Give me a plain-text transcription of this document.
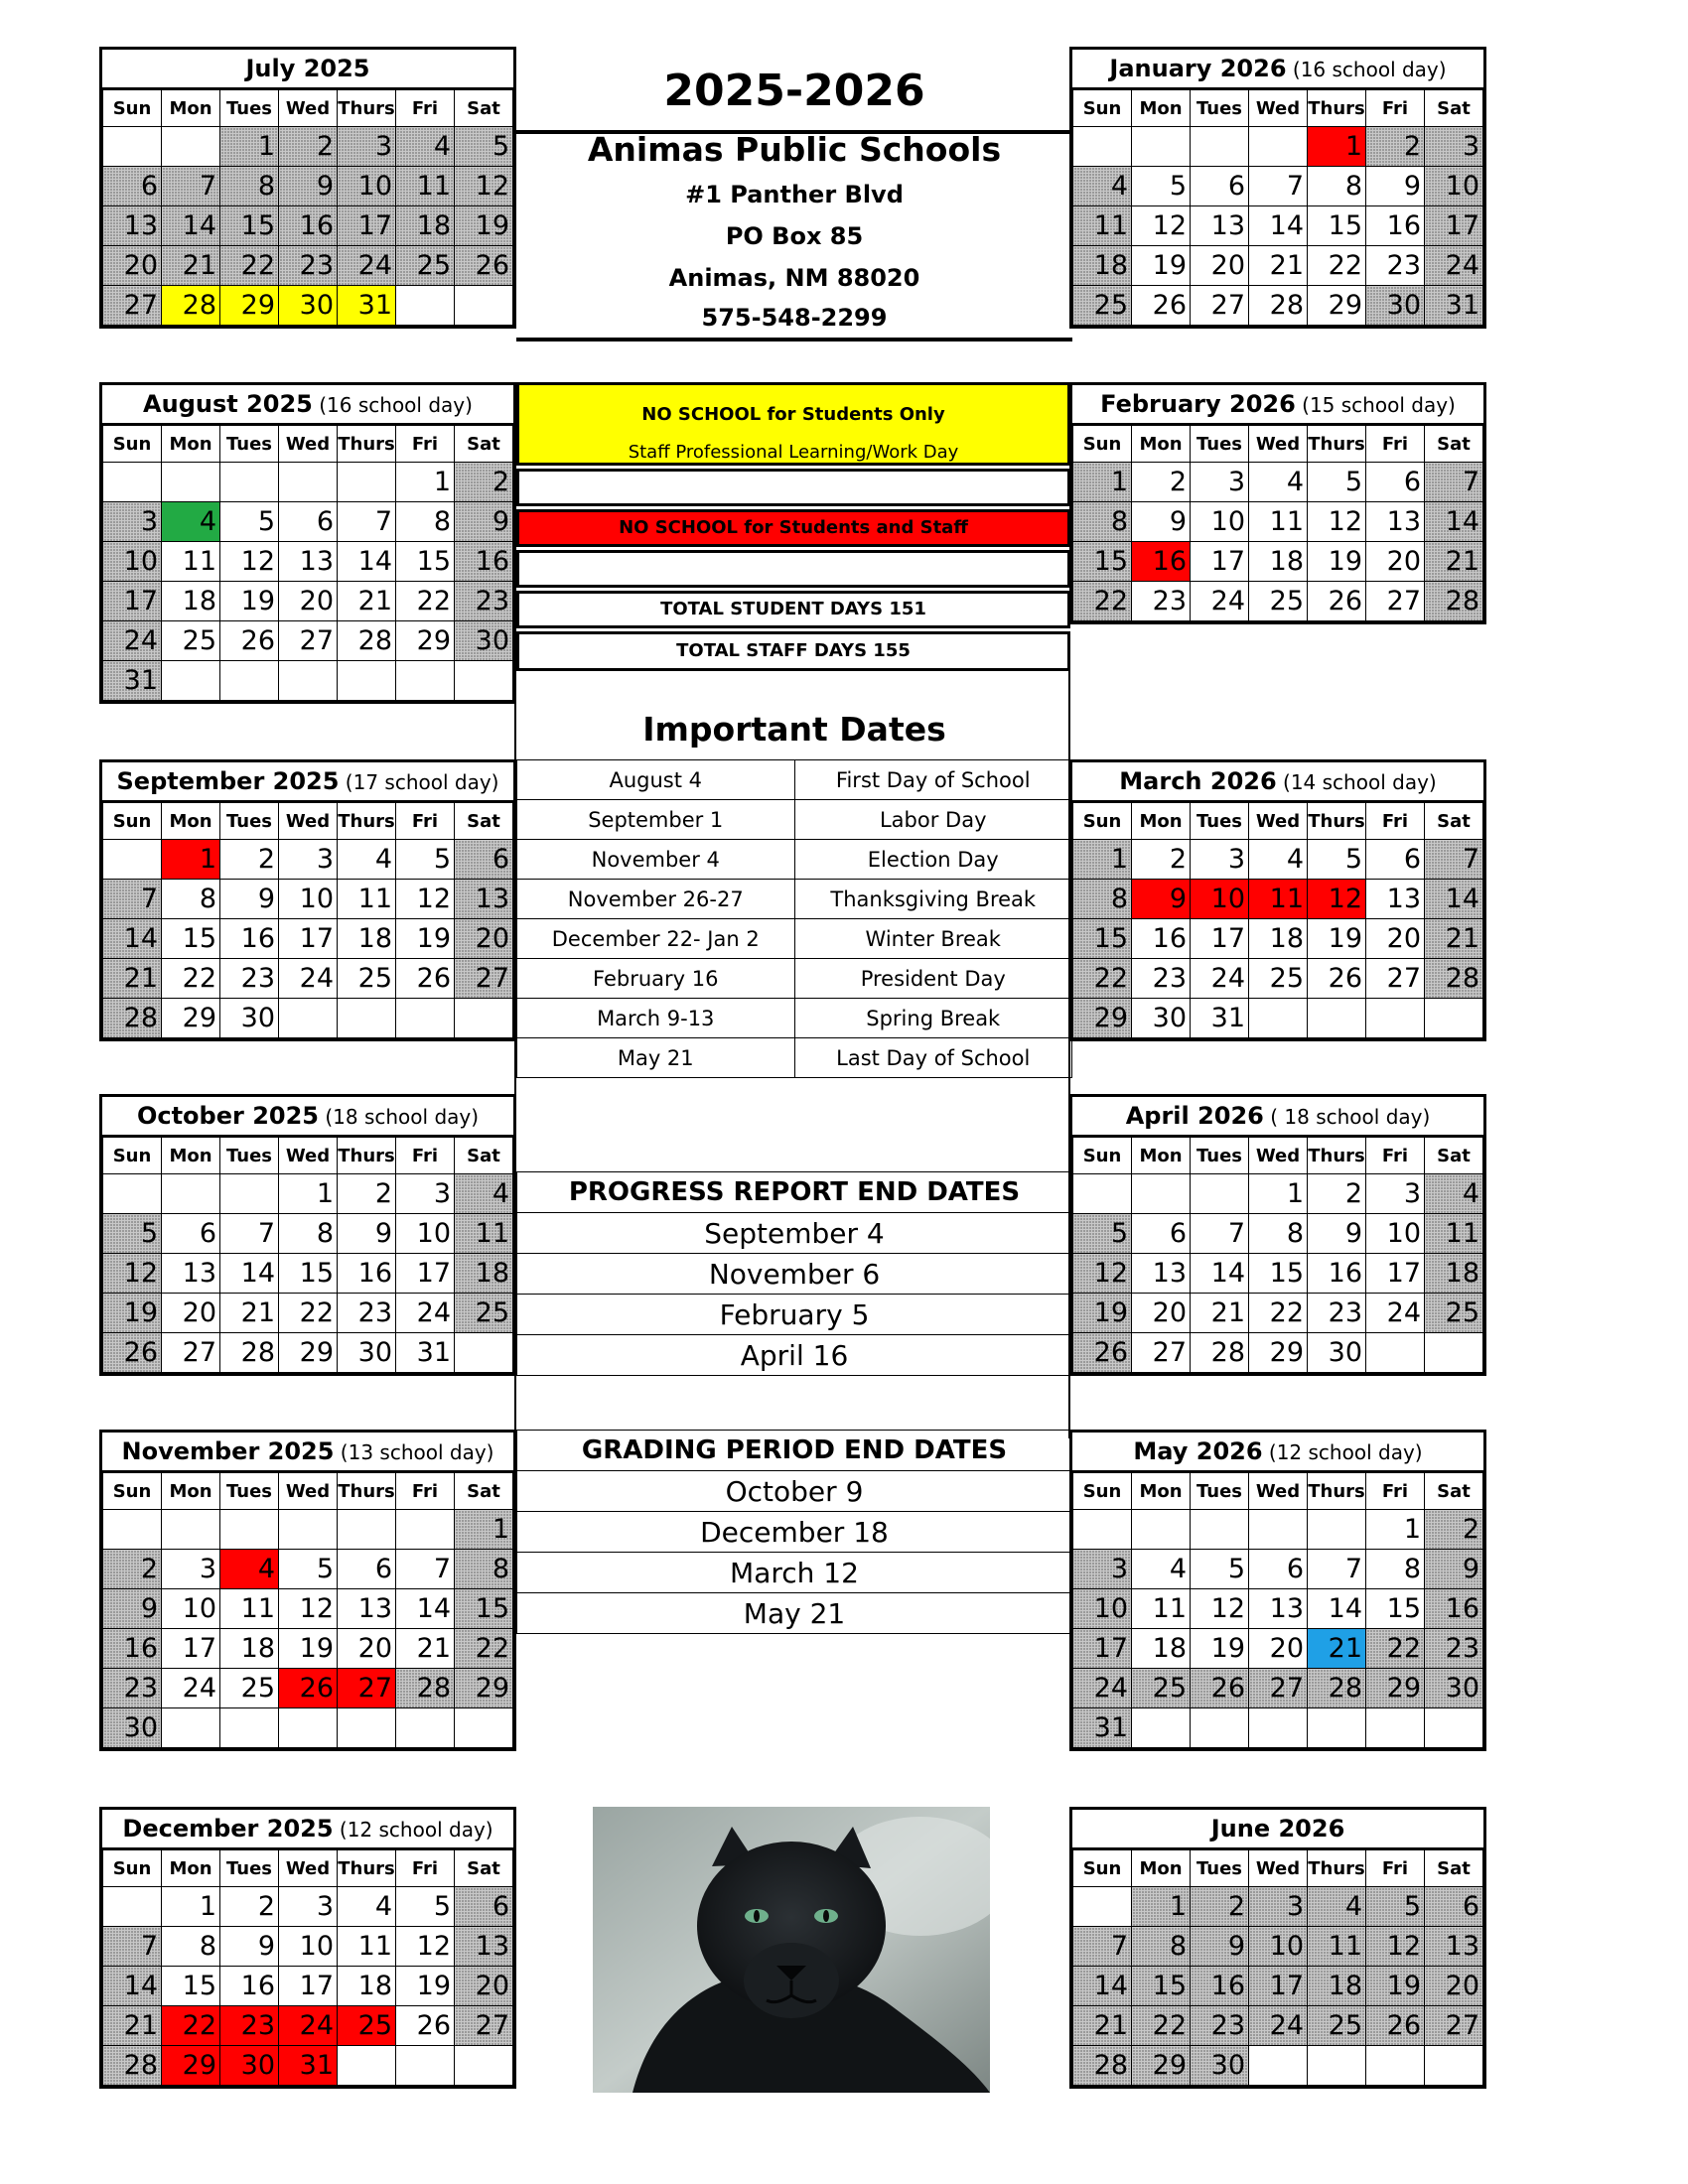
July 2025
Sun	Mon	Tues	Wed	Thurs	Fri	Sat
		1	2	3	4	5
6	7	8	9	10	11	12
13	14	15	16	17	18	19
20	21	22	23	24	25	26
27	28	29	30	31		
August 2025 (16 school day)
Sun	Mon	Tues	Wed	Thurs	Fri	Sat
					1	2
3	4	5	6	7	8	9
10	11	12	13	14	15	16
17	18	19	20	21	22	23
24	25	26	27	28	29	30
31						
September 2025 (17 school day)
Sun	Mon	Tues	Wed	Thurs	Fri	Sat
	1	2	3	4	5	6
7	8	9	10	11	12	13
14	15	16	17	18	19	20
21	22	23	24	25	26	27
28	29	30				
October 2025 (18 school day)
Sun	Mon	Tues	Wed	Thurs	Fri	Sat
			1	2	3	4
5	6	7	8	9	10	11
12	13	14	15	16	17	18
19	20	21	22	23	24	25
26	27	28	29	30	31	
November 2025 (13 school day)
Sun	Mon	Tues	Wed	Thurs	Fri	Sat
						1
2	3	4	5	6	7	8
9	10	11	12	13	14	15
16	17	18	19	20	21	22
23	24	25	26	27	28	29
30						
December 2025 (12 school day)
Sun	Mon	Tues	Wed	Thurs	Fri	Sat
	1	2	3	4	5	6
7	8	9	10	11	12	13
14	15	16	17	18	19	20
21	22	23	24	25	26	27
28	29	30	31			
January 2026 (16 school day)
Sun	Mon	Tues	Wed	Thurs	Fri	Sat
				1	2	3
4	5	6	7	8	9	10
11	12	13	14	15	16	17
18	19	20	21	22	23	24
25	26	27	28	29	30	31
February 2026 (15 school day)
Sun	Mon	Tues	Wed	Thurs	Fri	Sat
1	2	3	4	5	6	7
8	9	10	11	12	13	14
15	16	17	18	19	20	21
22	23	24	25	26	27	28
March 2026 (14 school day)
Sun	Mon	Tues	Wed	Thurs	Fri	Sat
1	2	3	4	5	6	7
8	9	10	11	12	13	14
15	16	17	18	19	20	21
22	23	24	25	26	27	28
29	30	31				
April 2026 ( 18 school day)
Sun	Mon	Tues	Wed	Thurs	Fri	Sat
			1	2	3	4
5	6	7	8	9	10	11
12	13	14	15	16	17	18
19	20	21	22	23	24	25
26	27	28	29	30		
May 2026 (12 school day)
Sun	Mon	Tues	Wed	Thurs	Fri	Sat
					1	2
3	4	5	6	7	8	9
10	11	12	13	14	15	16
17	18	19	20	21	22	23
24	25	26	27	28	29	30
31						
June 2026
Sun	Mon	Tues	Wed	Thurs	Fri	Sat
	1	2	3	4	5	6
7	8	9	10	11	12	13
14	15	16	17	18	19	20
21	22	23	24	25	26	27
28	29	30				
2025-2026
Animas Public Schools
#1 Panther Blvd
PO Box 85
Animas, NM 88020
575-548-2299
NO SCHOOL for Students Only
Staff Professional Learning/Work Day
NO SCHOOL for Students and Staff
TOTAL STUDENT DAYS 151
TOTAL STAFF DAYS 155
Important Dates
August 4	First Day of School
September 1	Labor Day
November 4	Election Day
November 26-27	Thanksgiving Break
December 22- Jan 2	Winter Break
February 16	President Day
March 9-13	Spring Break
May 21	Last Day of School
PROGRESS REPORT END DATES
September 4
November 6
February 5
April 16
GRADING PERIOD END DATES
October 9
December 18
March 12
May 21
